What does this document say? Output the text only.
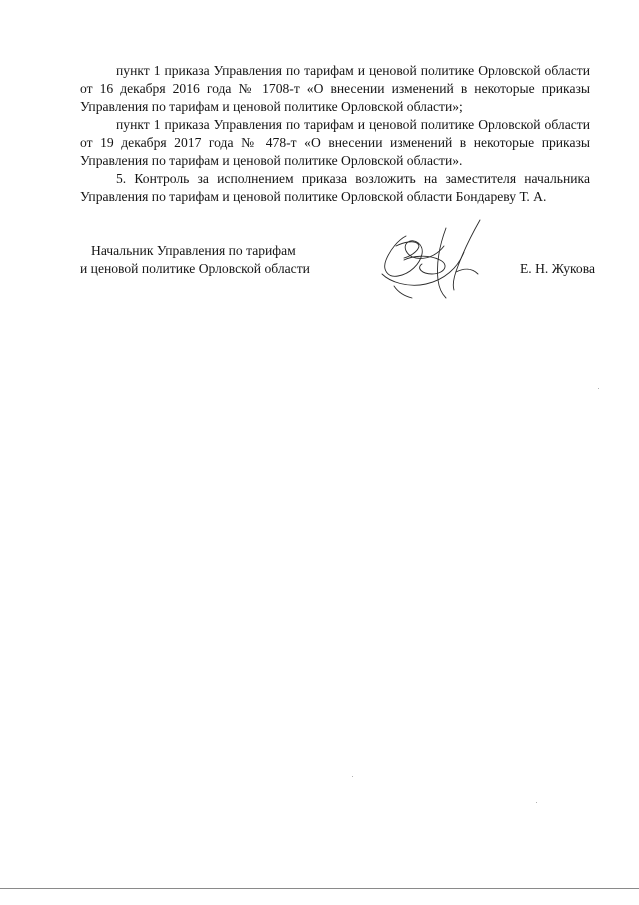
пункт 1 приказа Управления по тарифам и ценовой политике Орловской области от 16 декабря 2016 года № 1708-т «О внесении изменений в некоторые приказы Управления по тарифам и ценовой политике Орловской области»;

пункт 1 приказа Управления по тарифам и ценовой политике Орловской области от 19 декабря 2017 года № 478-т «О внесении изменений в некоторые приказы Управления по тарифам и ценовой политике Орловской области».

5. Контроль за исполнением приказа возложить на заместителя начальника Управления по тарифам и ценовой политике Орловской области Бондареву Т. А.

Начальник Управления по тарифам
и ценовой политике Орловской области	Е. Н. Жукова
